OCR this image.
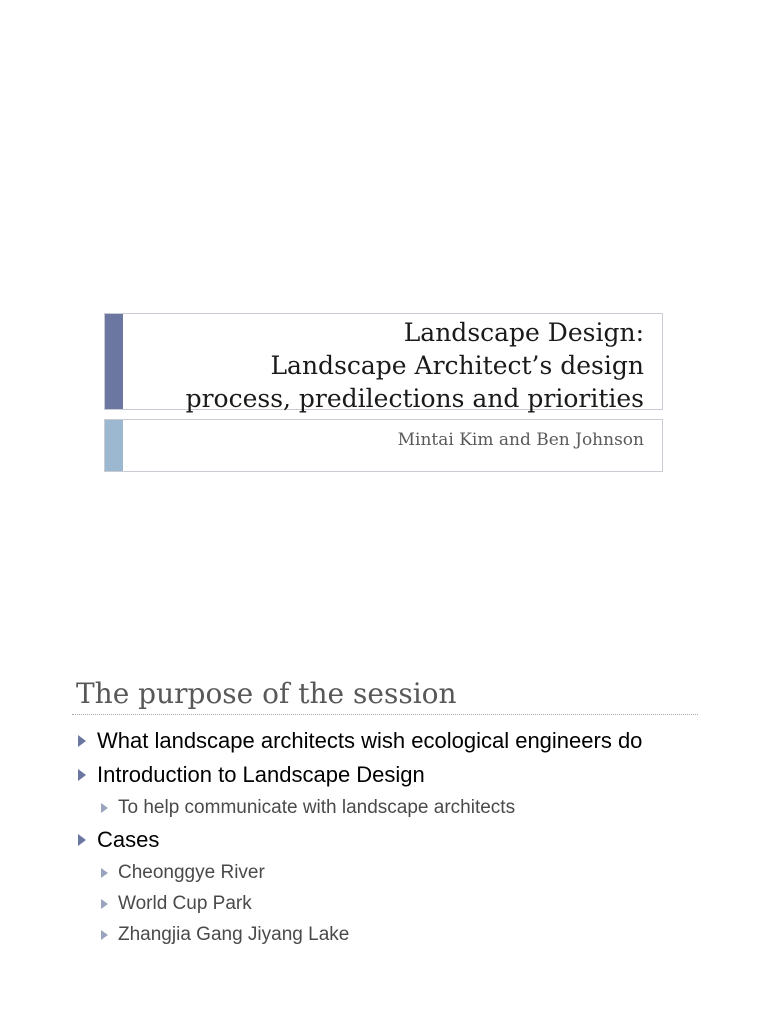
Landscape Design:
Landscape Architect’s design
process, predilections and priorities
Mintai Kim and Ben Johnson
The purpose of the session
What landscape architects wish ecological engineers do
Introduction to Landscape Design
To help communicate with landscape architects
Cases
Cheonggye River
World Cup Park
Zhangjia Gang Jiyang Lake
